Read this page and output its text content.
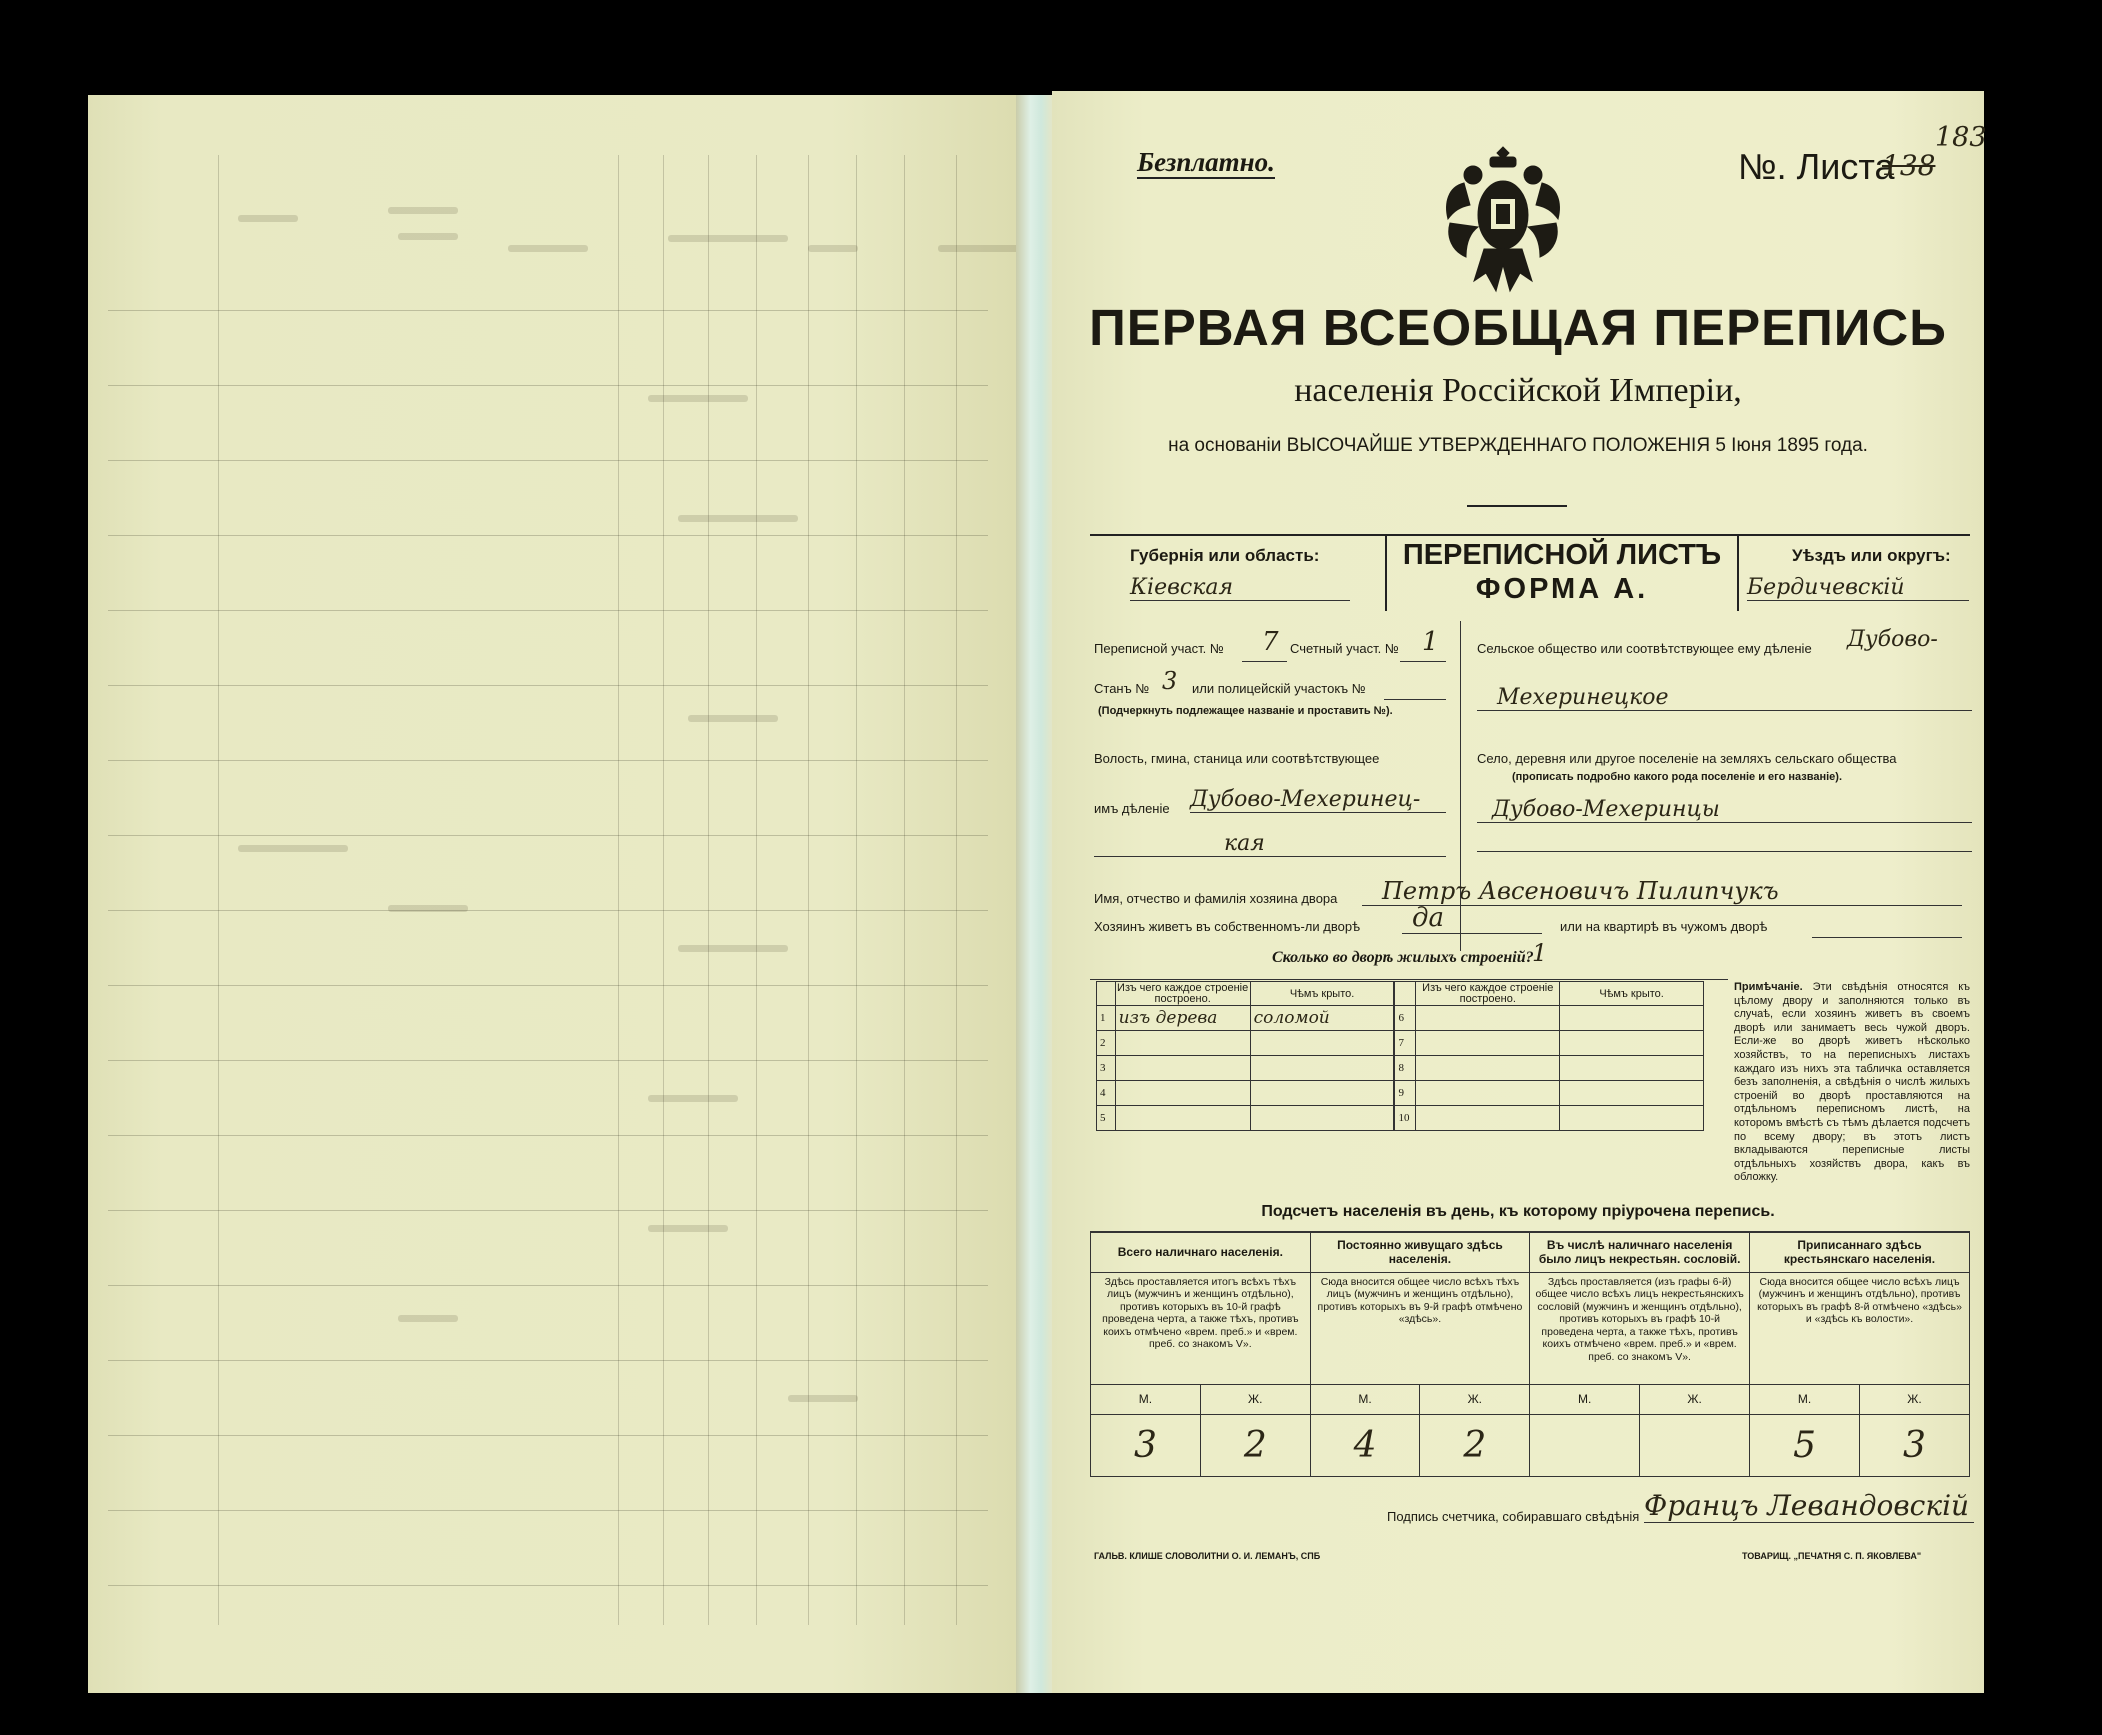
Безплатно.	№. Листа
138
183
ПЕРВАЯ ВСЕОБЩАЯ ПЕРЕПИСЬ
населенія Россійской Имперіи,
на основаніи ВЫСОЧАЙШЕ УТВЕРЖДЕННАГО ПОЛОЖЕНІЯ 5 Іюня 1895 года.
Губернія или область:
Кіевская
ПЕРЕПИСНОЙ ЛИСТЪ
ФОРМА А.
Уѣздъ или округъ:
Бердичевскій
Переписной участ. № 7 Счетный участ. № 1
Станъ № 3 или полицейскій участокъ №
(Подчеркнуть подлежащее названіе и проставить №).
Волость, гмина, станица или соотвѣтствующее
имъ дѣленіе Дубово-Мехеринец-
кая
Сельское общество или соотвѣтствующее ему дѣленіе Дубово-
Мехеринецкое
Село, деревня или другое поселеніе на земляхъ сельскаго общества
(прописать подробно какого рода поселеніе и его названіе).
Дубово-Мехеринцы
Имя, отчество и фамилія хозяина двора	Петръ Авсеновичъ Пилипчукъ
Хозяинъ живетъ въ собственномъ-ли дворѣ	да	или на квартирѣ въ чужомъ дворѣ
Сколько во дворѣ жилыхъ строеній?
1
	Изъ чего каждое строеніе построено.	Чѣмъ крыто.		Изъ чего каждое строеніе построено.	Чѣмъ крыто.
1	изъ дерева	соломой	6		
2			7		
3			8		
4			9		
5			10		
Примѣчаніе. Эти свѣдѣнія относятся къ цѣлому двору и заполняются только въ случаѣ, если хозяинъ живетъ въ своемъ дворѣ или занимаетъ весь чужой дворъ. Если-же во дворѣ живетъ нѣсколько хозяйствъ, то на переписныхъ листахъ каждаго изъ нихъ эта табличка оставляется безъ заполненія, а свѣдѣнія о числѣ жилыхъ строеній во дворѣ проставляются на отдѣльномъ переписномъ листѣ, на которомъ вмѣстѣ съ тѣмъ дѣлается подсчетъ по всему двору; въ этотъ листъ вкладываются переписные листы отдѣльныхъ хозяйствъ двора, какъ въ обложку.
Подсчетъ населенія въ день, къ которому пріурочена перепись.
Всего наличнаго населенія.		Постоянно живущаго здѣсь населенія.		Въ числѣ наличнаго населенія было лицъ некрестьян. сословій.		Приписаннаго здѣсь крестьянскаго населенія.	
Здѣсь проставляется итогъ всѣхъ тѣхъ лицъ (мужчинъ и женщинъ отдѣльно), противъ которыхъ въ 10-й графѣ проведена черта, а также тѣхъ, противъ коихъ отмѣчено «врем. преб.» и «врем. преб. со знакомъ V».		Сюда вносится общее число всѣхъ тѣхъ лицъ (мужчинъ и женщинъ отдѣльно), противъ которыхъ въ 9-й графѣ отмѣчено «здѣсь».		Здѣсь проставляется (изъ графы 6-й) общее число всѣхъ лицъ некрестьянскихъ сословій (мужчинъ и женщинъ отдѣльно), противъ которыхъ въ графѣ 10-й проведена черта, а также тѣхъ, противъ коихъ отмѣчено «врем. преб.» и «врем. преб. со знакомъ V».		Сюда вносится общее число всѣхъ лицъ (мужчинъ и женщинъ отдѣльно), противъ которыхъ въ графѣ 8-й отмѣчено «здѣсь» и «здѣсь къ волости».	
М.	Ж.	М.	Ж.	М.	Ж.	М.	Ж.
3	2	4	2			5	3
Подпись счетчика, собиравшаго свѣдѣнія Францъ Левандовскій
ГАЛЬВ. КЛИШЕ СЛОВОЛИТНИ О. И. ЛЕМАНЪ, СПБ	ТОВАРИЩ. „ПЕЧАТНЯ С. П. ЯКОВЛЕВА"
